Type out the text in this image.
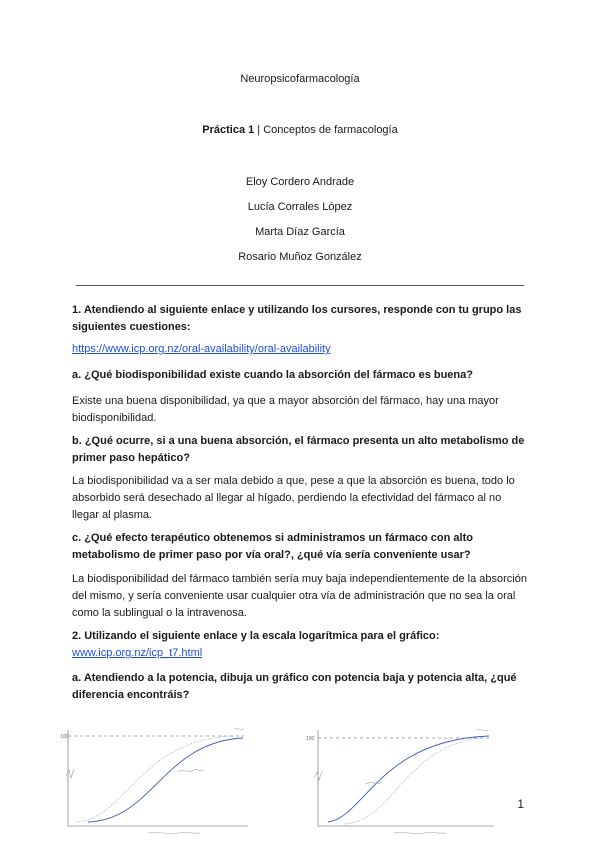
Neuropsicofarmacología
Práctica 1 | Conceptos de farmacología
Eloy Cordero Andrade
Lucía Corrales López
Marta Díaz García
Rosario Muñoz González
1. Atendiendo al siguiente enlace y utilizando los cursores, responde con tu grupo las siguientes cuestiones:
https://www.icp.org.nz/oral-availability/oral-availability
a. ¿Qué biodisponibilidad existe cuando la absorción del fármaco es buena?
Existe una buena disponibilidad, ya que a mayor absorción del fármaco, hay una mayor biodisponibilidad.
b. ¿Qué ocurre, si a una buena absorción, el fármaco presenta un alto metabolismo de primer paso hepático?
La biodisponibilidad va a ser mala debido a que, pese a que la absorción es buena, todo lo absorbido será desechado al llegar al hígado, perdiendo la efectividad del fármaco al no llegar al plasma.
c. ¿Qué efecto terapéutico obtenemos si administramos un fármaco con alto metabolismo de primer paso por vía oral?, ¿qué vía sería conveniente usar?
La biodisponibilidad del fármaco también sería muy baja independientemente de la absorción del mismo, y sería conveniente usar cualquier otra vía de administración que no sea la oral como la sublingual o la intravenosa.
2. Utilizando el siguiente enlace y la escala logarítmica para el gráfico:
www.icp.org.nz/icp_t7.html
a. Atendiendo a la potencia, dibuja un gráfico con potencia baja y potencia alta, ¿qué diferencia encontráis?
100	100
1
